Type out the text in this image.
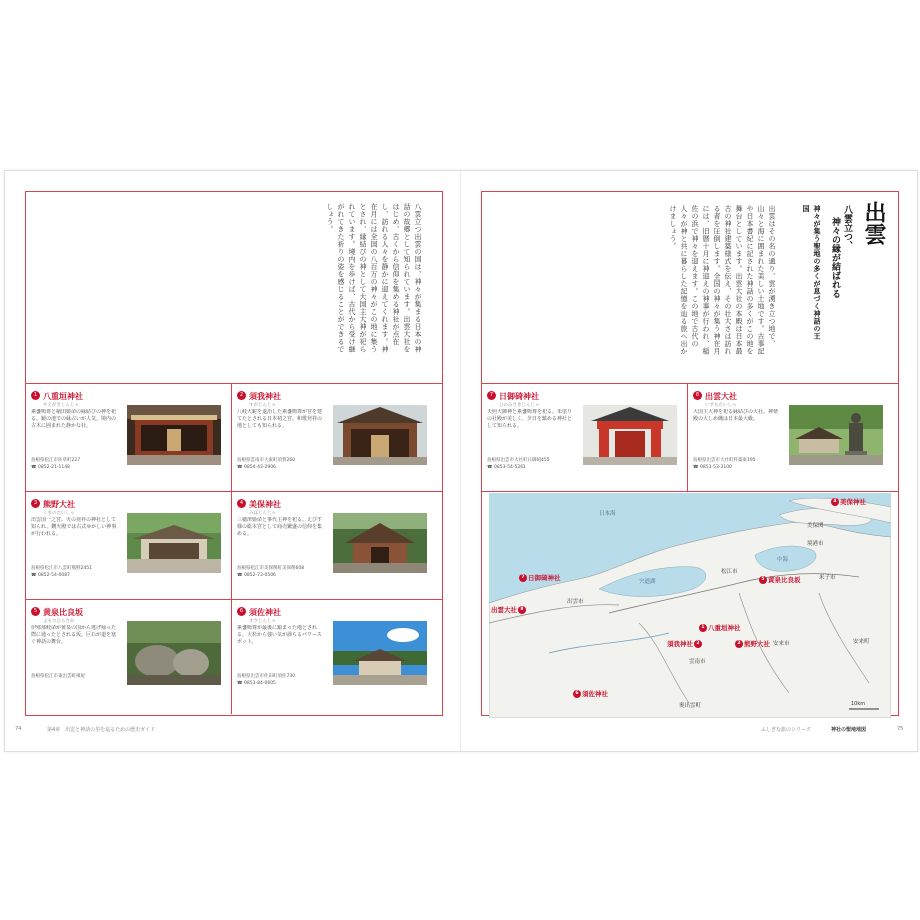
八雲立つ出雲の国は、神々が集まる日本の神話の故郷として知られています。出雲大社をはじめ、古くから信仰を集める神社が点在し、訪れる人々を静かに迎えてくれます。神在月には全国の八百万の神々がこの地に集うとされ、縁結びの神として大国主大神が祀られています。境内を歩けば、古代から受け継がれてきた祈りの姿を感じることができるでしょう。
1 八重垣神社
やえがきじんじゃ
素盞嗚尊と稲田姫命の縁結びの神を祀る。鏡の池での縁占いが人気。境内の古木に囲まれた静かな社。
島根県松江市佐草町227
☎ 0852-21-1148
2 須我神社
すがじんじゃ
八岐大蛇を退治した素盞嗚尊が宮を建てたとされる日本初之宮。和歌発祥の地としても知られる。
島根県雲南市大東町須賀260
☎ 0854-43-2906
3 熊野大社
くまのたいしゃ
出雲国一之宮。火の発祥の神社として知られ、鑽火殿では古式ゆかしい神事が行われる。
島根県松江市八雲町熊野2451
☎ 0852-54-0087
4 美保神社
みほじんじゃ
三穂津姫命と事代主神を祀る。えびす様の総本宮として商売繁盛の信仰を集める。
島根県松江市美保関町美保関608
☎ 0852-73-0506
5 黄泉比良坂
よもつひらさか
伊邪那岐命が黄泉の国から逃げ帰った際に通ったとされる坂。巨石が道を塞ぐ神話の舞台。
島根県松江市東出雲町揖屋
6 須佐神社
すさじんじゃ
素盞嗚尊が最後に鎮まった地とされる。大杉から強い気が満ちるパワースポット。
島根県出雲市佐田町須佐730
☎ 0853-84-0605
74	第4章　出雲と神話の里を巡るための歴史ガイド
出雲
八雲立つ、
神々の縁が結ばれる
神々が集う聖地の多くが息づく神話の王国
出雲はその名の通り、雲が湧き立つ地で、山々と海に囲まれた美しい土地です。古事記や日本書紀に記された神話の多くがこの地を舞台としています。出雲大社の本殿は日本最古の神社建築様式を伝え、その壮大さは訪れる者を圧倒します。全国の神々が集う神在月には、旧暦十月に神迎えの神事が行われ、稲佐の浜で神々を迎えます。この地で古代の人々が神と共に暮らした記憶を辿る旅へ出かけましょう。
7 日御碕神社
ひのみさきじんじゃ
天照大御神と素盞嗚尊を祀る。朱塗りの社殿が美しく、夕日を鎮める神社として知られる。
島根県出雲市大社町日御碕455
☎ 0853-54-5261
8 出雲大社
いずもたいしゃ
大国主大神を祀る縁結びの大社。神楽殿の大しめ縄は日本最大級。
島根県出雲市大社町杵築東195
☎ 0853-53-3100
日本海
宍道湖
中海
出雲市
松江市
安来市
雲南市
米子市
境港市
奥出雲町
安来町
美保関
10km
4 美保神社
7 日御碕神社
出雲大社 8
5 黄泉比良坂
1 八重垣神社
須我神社 2	3 熊野大社
6 須佐神社
ふしぎな旅のシリーズ	神社の聖地地図	75
